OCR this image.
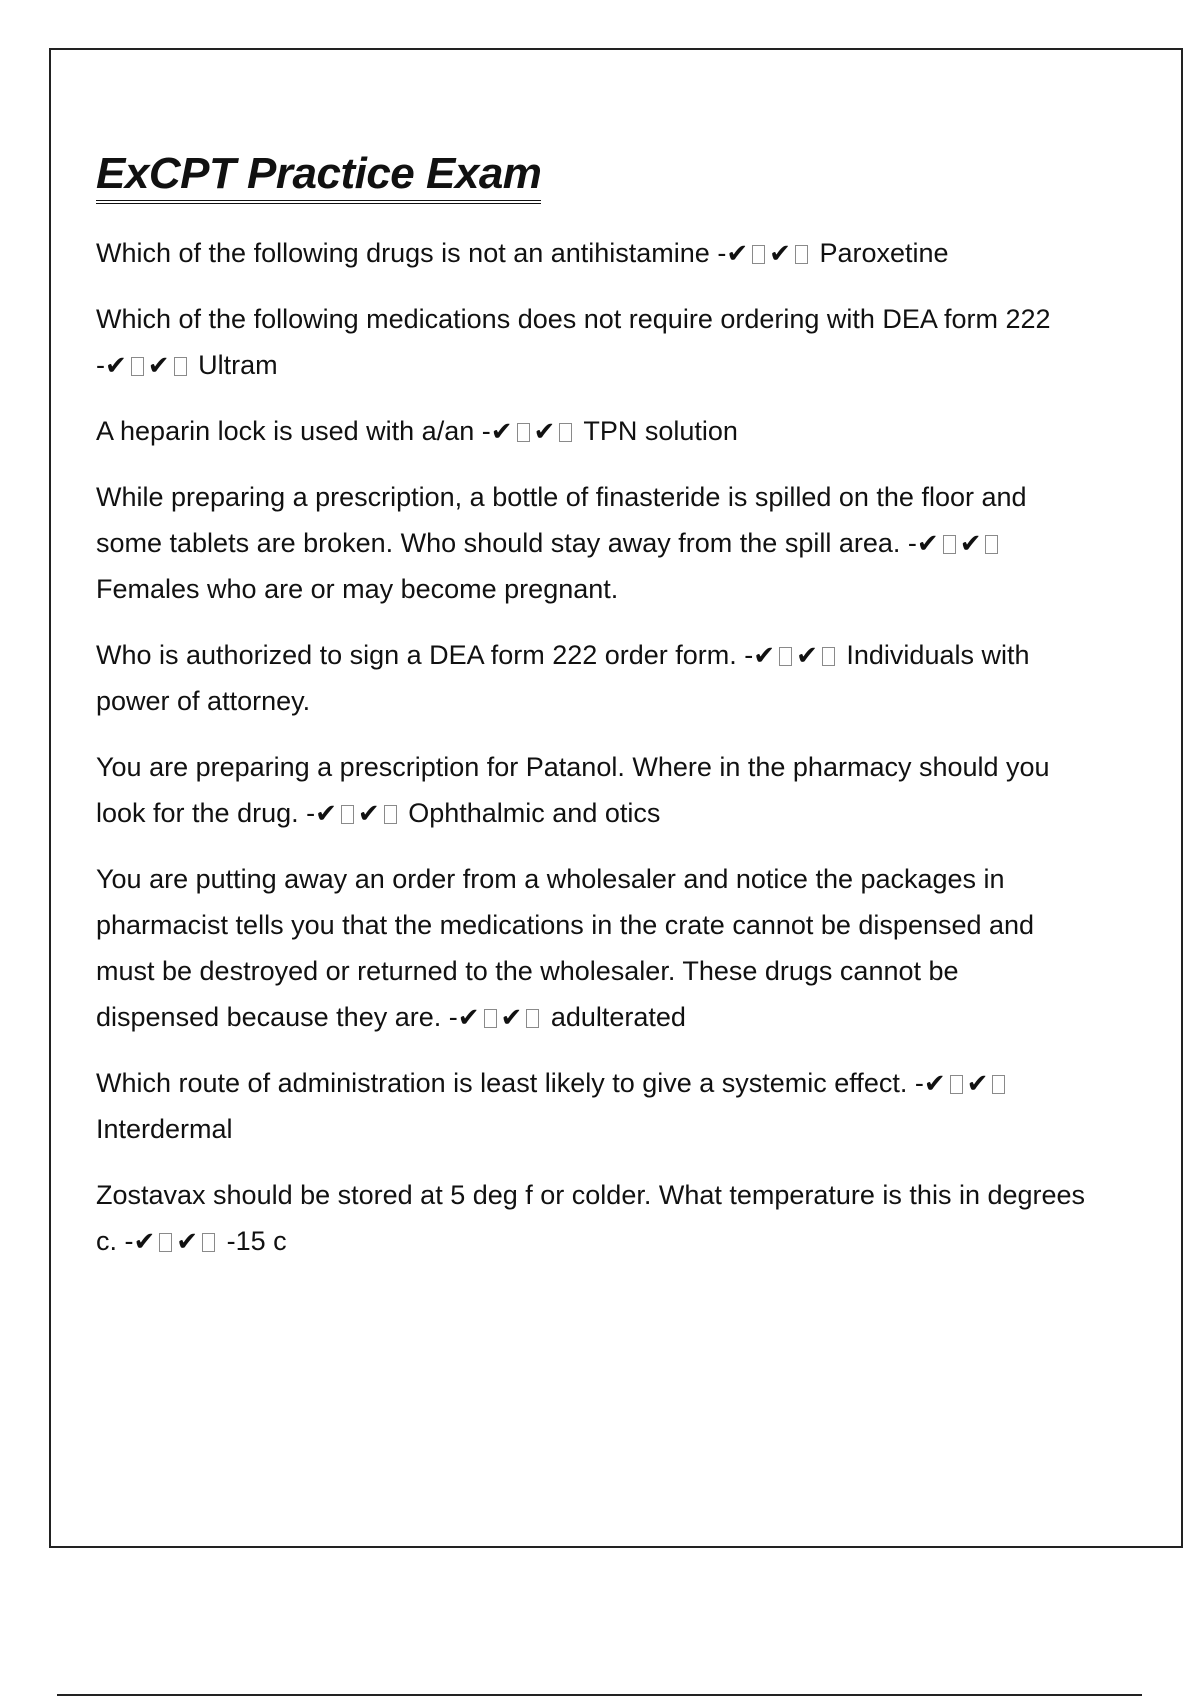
ExCPT Practice Exam

Which of the following drugs is not an antihistamine -✔ ✔ Paroxetine

Which of the following medications does not require ordering with DEA form 222 -✔ ✔ Ultram

A heparin lock is used with a/an -✔ ✔ TPN solution

While preparing a prescription, a bottle of finasteride is spilled on the floor and some tablets are broken. Who should stay away from the spill area. -✔ ✔ Females who are or may become pregnant.

Who is authorized to sign a DEA form 222 order form. -✔ ✔ Individuals with power of attorney.

You are preparing a prescription for Patanol. Where in the pharmacy should you look for the drug. -✔ ✔ Ophthalmic and otics

You are putting away an order from a wholesaler and notice the packages in pharmacist tells you that the medications in the crate cannot be dispensed and must be destroyed or returned to the wholesaler. These drugs cannot be dispensed because they are. -✔ ✔ adulterated

Which route of administration is least likely to give a systemic effect. -✔ ✔ Interdermal

Zostavax should be stored at 5 deg f or colder. What temperature is this in degrees c. -✔ ✔ -15 c
